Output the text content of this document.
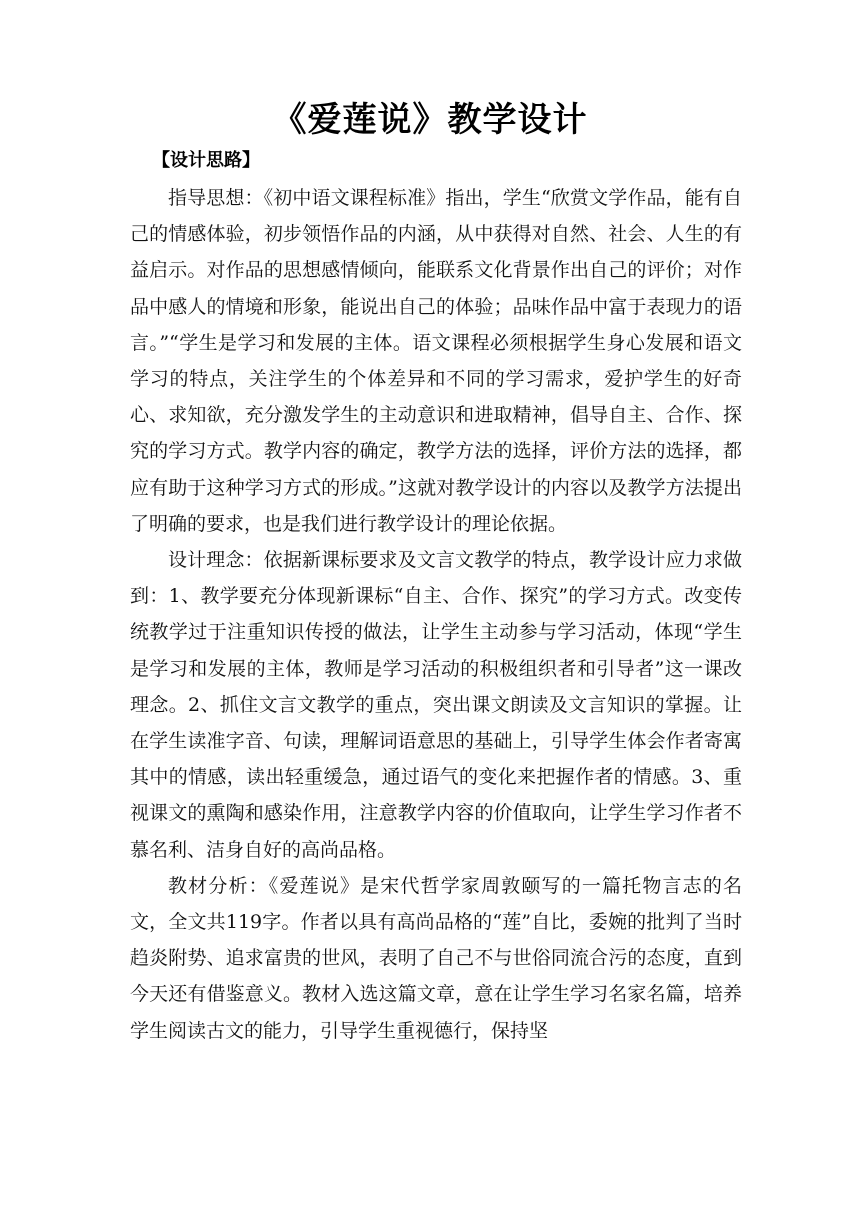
《爱莲说》教学设计
【设计思路】

指导思想：《初中语文课程标准》指出，学生“欣赏文学作品，能有自己的情感体验，初步领悟作品的内涵，从中获得对自然、社会、人生的有益启示。对作品的思想感情倾向，能联系文化背景作出自己的评价；对作品中感人的情境和形象，能说出自己的体验；品味作品中富于表现力的语言。”“学生是学习和发展的主体。语文课程必须根据学生身心发展和语文学习的特点，关注学生的个体差异和不同的学习需求，爱护学生的好奇心、求知欲，充分激发学生的主动意识和进取精神，倡导自主、合作、探究的学习方式。教学内容的确定，教学方法的选择，评价方法的选择，都应有助于这种学习方式的形成。”这就对教学设计的内容以及教学方法提出了明确的要求，也是我们进行教学设计的理论依据。

设计理念：依据新课标要求及文言文教学的特点，教学设计应力求做到：1、教学要充分体现新课标“自主、合作、探究”的学习方式。改变传统教学过于注重知识传授的做法，让学生主动参与学习活动，体现“学生是学习和发展的主体，教师是学习活动的积极组织者和引导者”这一课改理念。2、抓住文言文教学的重点，突出课文朗读及文言知识的掌握。让在学生读准字音、句读，理解词语意思的基础上，引导学生体会作者寄寓其中的情感，读出轻重缓急，通过语气的变化来把握作者的情感。3、重视课文的熏陶和感染作用，注意教学内容的价值取向，让学生学习作者不慕名利、洁身自好的高尚品格。

教材分析：《爱莲说》是宋代哲学家周敦颐写的一篇托物言志的名文，全文共119字。作者以具有高尚品格的“莲”自比，委婉的批判了当时趋炎附势、追求富贵的世风，表明了自己不与世俗同流合污的态度，直到今天还有借鉴意义。教材入选这篇文章，意在让学生学习名家名篇，培养学生阅读古文的能力，引导学生重视德行，保持坚
